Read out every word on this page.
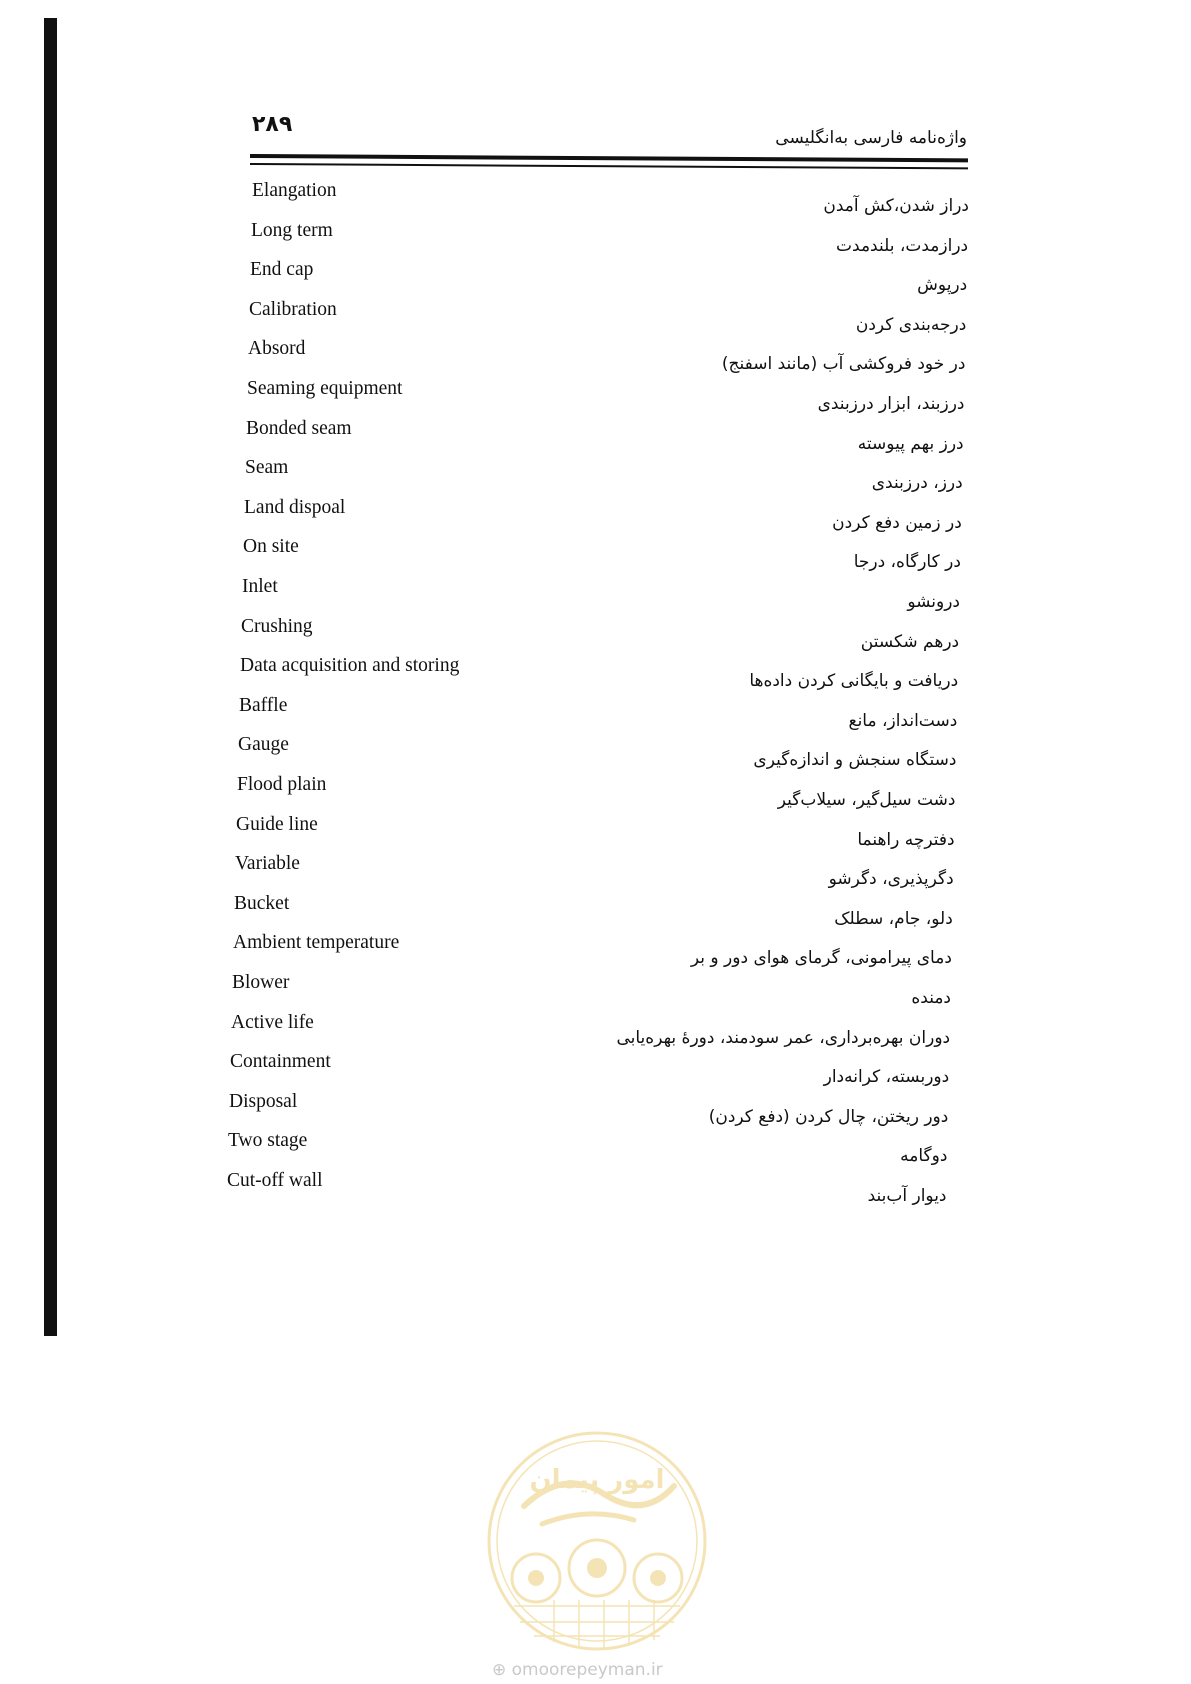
۲۸۹
واژه‌نامه فارسی به‌انگلیسی
Elangation
دراز شدن،کش آمدن
Long term
درازمدت، بلندمدت
End cap
درپوش
Calibration
درجه‌بندی کردن
Absord
در خود فروکشی آب (مانند اسفنج)
Seaming equipment
درزبند، ابزار درزبندی
Bonded seam
درز بهم پیوسته
Seam
درز، درزبندی
Land dispoal
در زمین دفع کردن
On site
در کارگاه، درجا
Inlet
درونشو
Crushing
درهم شکستن
Data acquisition and storing
دریافت و بایگانی کردن داده‌ها
Baffle
دست‌انداز، مانع
Gauge
دستگاه سنجش و اندازه‌گیری
Flood plain
دشت سیل‌گیر، سیلاب‌گیر
Guide line
دفترچه راهنما
Variable
دگرپذیری، دگرشو
Bucket
دلو، جام، سطلک
Ambient temperature
دمای پیرامونی، گرمای هوای دور و بر
Blower
دمنده
Active life
دوران بهره‌برداری، عمر سودمند، دورهٔ بهره‌یابی
Containment
دوربسته، کرانه‌دار
Disposal
دور ریختن، چال کردن (دفع کردن)
Two stage
دوگامه
Cut-off wall
دیوار آب‌بند
امور پیمان
⊕ omoorepeyman.ir
